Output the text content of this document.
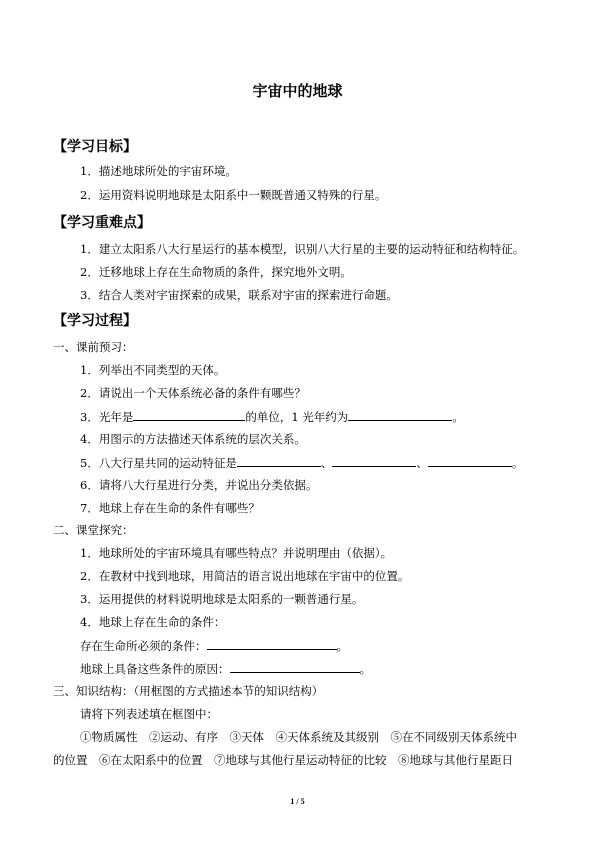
宇宙中的地球
【学习目标】
1．描述地球所处的宇宙环境。
2．运用资料说明地球是太阳系中一颗既普通又特殊的行星。
【学习重难点】
1．建立太阳系八大行星运行的基本模型，识别八大行星的主要的运动特征和结构特征。
2．迁移地球上存在生命物质的条件，探究地外文明。
3．结合人类对宇宙探索的成果，联系对宇宙的探索进行命题。
【学习过程】
一、课前预习：
1．列举出不同类型的天体。
2．请说出一个天体系统必备的条件有哪些？
3．光年是	的单位，1 光年约为	。
4．用图示的方法描述天体系统的层次关系。
5．八大行星共同的运动特征是	、	、	。
6．请将八大行星进行分类，并说出分类依据。
7．地球上存在生命的条件有哪些？
二、课堂探究：
1．地球所处的宇宙环境具有哪些特点？并说明理由（依据）。
2．在教材中找到地球，用简洁的语言说出地球在宇宙中的位置。
3．运用提供的材料说明地球是太阳系的一颗普通行星。
4．地球上存在生命的条件：
存在生命所必须的条件：	。
地球上具备这些条件的原因：	。
三、知识结构：（用框图的方式描述本节的知识结构）
请将下列表述填在框图中：
①物质属性　②运动、有序　③天体　④天体系统及其级别　⑤在不同级别天体系统中
的位置　⑥在太阳系中的位置　⑦地球与其他行星运动特征的比较　⑧地球与其他行星距日
1 / 5
